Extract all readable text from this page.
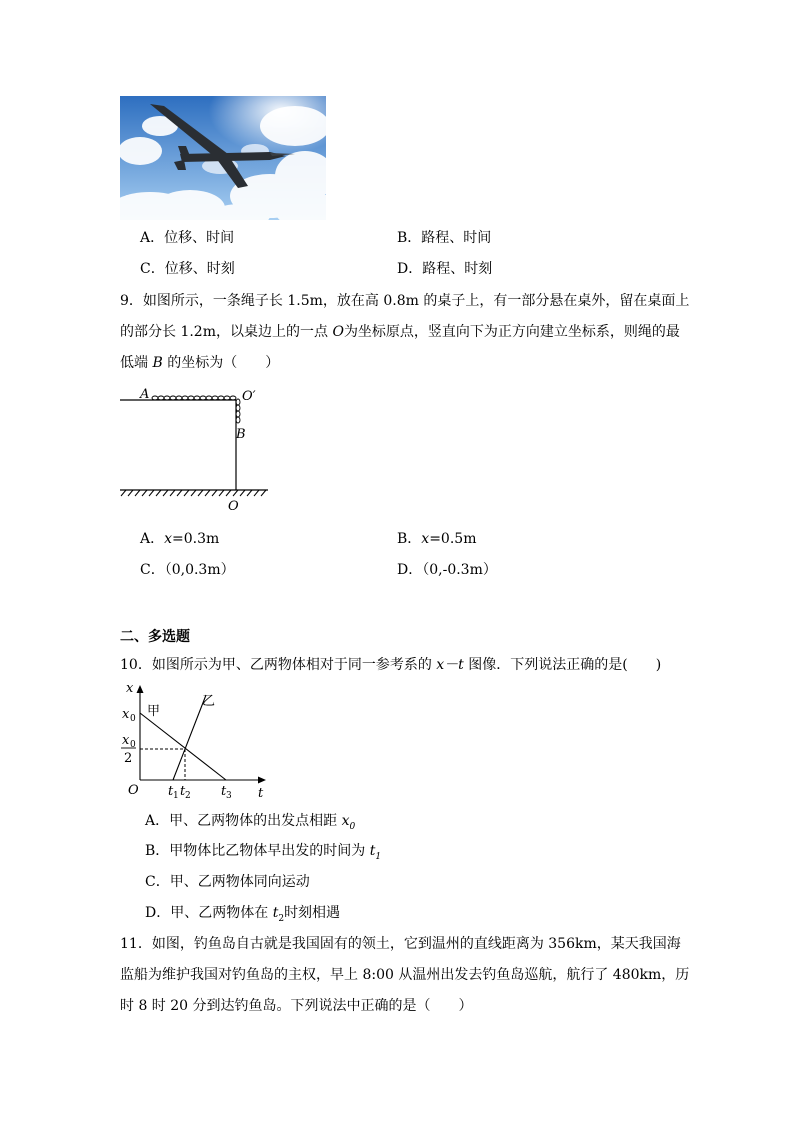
A．位移、时间	B．路程、时间
C．位移、时刻	D．路程、时刻
9．如图所示，一条绳子长 1.5m，放在高 0.8m 的桌子上，有一部分悬在桌外，留在桌面上
的部分长 1.2m，以桌边上的一点 O为坐标原点，竖直向下为正方向建立坐标系，则绳的最
低端 B 的坐标为（　　）
A	O′
B
O
A．x=0.3m	B．x=0.5m
C．（0,0.3m）	D．（0,-0.3m）
二、多选题
10．如图所示为甲、乙两物体相对于同一参考系的 x－t 图像．下列说法正确的是(　　)
x
t
O
x 0
x 0
2
甲
乙
t 1 t 2 t 3
A．甲、乙两物体的出发点相距 $x_0$
B．甲物体比乙物体早出发的时间为 $t_1$
C．甲、乙两物体同向运动
D．甲、乙两物体在 $t_2$时刻相遇
11．如图，钓鱼岛自古就是我国固有的领土，它到温州的直线距离为 356km，某天我国海
监船为维护我国对钓鱼岛的主权，早上 8:00 从温州出发去钓鱼岛巡航，航行了 480km，历
时 8 时 20 分到达钓鱼岛。下列说法中正确的是（　　）
